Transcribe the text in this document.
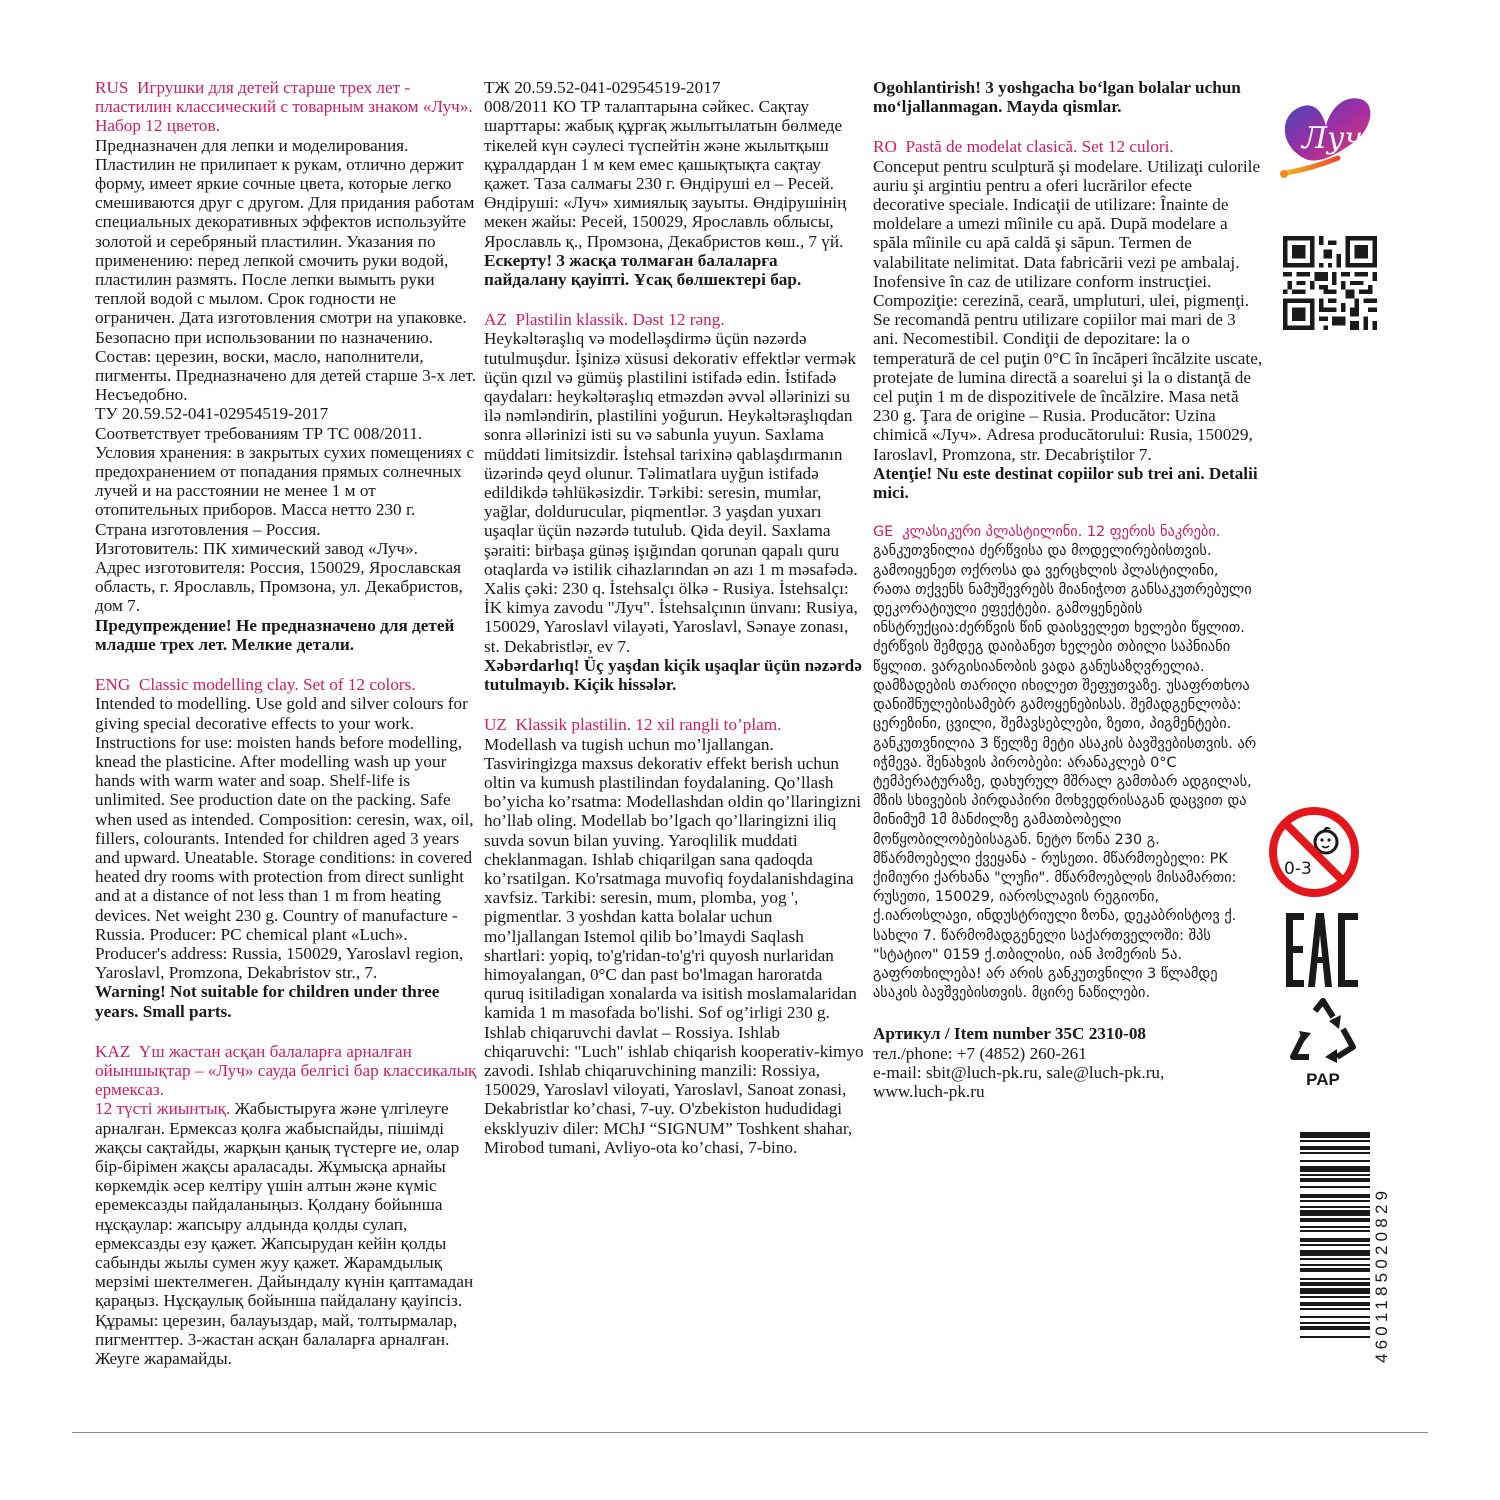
RUS Игрушки для детей старше трех лет - пластилин классический с товарным знаком «Луч». Набор 12 цветов.

Предназначен для лепки и моделирования. Пластилин не прилипает к рукам, отлично держит форму, имеет яркие сочные цвета, которые легко смешиваются друг с другом. Для придания работам специальных декоративных эффектов используйте золотой и серебряный пластилин. Указания по применению: перед лепкой смочить руки водой, пластилин размять. После лепки вымыть руки теплой водой с мылом. Срок годности не ограничен. Дата изготовления смотри на упаковке. Безопасно при использовании по назначению. Состав: церезин, воски, масло, наполнители, пигменты. Предназначено для детей старше 3-х лет. Несъедобно.

ТУ 20.59.52-041-02954519-2017

Соответствует требованиям ТР ТС 008/2011. Условия хранения: в закрытых сухих помещениях с предохранением от попадания прямых солнечных лучей и на расстоянии не менее 1 м от отопительных приборов. Масса нетто 230 г.

Страна изготовления – Россия.

Изготовитель: ПК химический завод «Луч».

Адрес изготовителя: Россия, 150029, Ярославская область, г. Ярославль, Промзона, ул. Декабристов, дом 7.

Предупреждение! Не предназначено для детей младше трех лет. Мелкие детали.

ENG Classic modelling clay. Set of 12 colors.

Intended to modelling. Use gold and silver colours for giving special decorative effects to your work. Instructions for use: moisten hands before modelling, knead the plasticine. After modelling wash up your hands with warm water and soap. Shelf-life is unlimited. See production date on the packing. Safe when used as intended. Composition: ceresin, wax, oil, fillers, colourants. Intended for children aged 3 years and upward. Uneatable. Storage conditions: in covered heated dry rooms with protection from direct sunlight and at a distance of not less than 1 m from heating devices. Net weight 230 g. Country of manufacture - Russia. Producer: PC chemical plant «Luch». Producer's address: Russia, 150029, Yaroslavl region, Yaroslavl, Promzona, Dekabristov str., 7.

Warning! Not suitable for children under three years. Small parts.

KAZ Үш жастан асқан балаларға арналған ойыншықтар – «Луч» сауда белгісі бар классикалық ермексаз.

12 түсті жиынтық. Жабыстыруға және үлгілеуге арналған. Ермексаз қолға жабыспайды, пішімді жақсы сақтайды, жарқын қанық түстерге ие, олар бір-бірімен жақсы араласады. Жұмысқа арнайы көркемдік әсер келтіру үшін алтын және күміс еремексазды пайдаланыңыз. Қолдану бойынша нұсқаулар: жапсыру алдында қолды сулап, ермексазды езу қажет. Жапсырудан кейін қолды сабынды жылы сумен жуу қажет. Жарамдылық мерзімі шектелмеген. Дайындалу күнін қаптамадан қараңыз. Нұсқаулық бойынша пайдалану қауіпсіз. Құрамы: церезин, балауыздар, май, толтырмалар, пигменттер. 3-жастан асқан балаларға арналған. Жеуге жарамайды.

ТЖ 20.59.52-041-02954519-2017

008/2011 КО ТР талаптарына сәйкес. Сақтау шарттары: жабық құрғақ жылытылатын бөлмеде тікелей күн сәулесі түспейтін және жылытқыш құралдардан 1 м кем емес қашықтықта сақтау қажет. Таза салмағы 230 г. Өндіруші ел – Ресей. Өндіруші: «Луч» химиялық зауыты. Өндірушінің мекен жайы: Ресей, 150029, Ярославль облысы, Ярославль қ., Промзона, Декабристов көш., 7 үй.

Ескерту! 3 жасқа толмаған балаларға пайдалану қауіпті. Ұсақ бөлшектері бар.

AZ Plastilin klassik. Dəst 12 rəng.

Heykəltəraşlıq və modelləşdirmə üçün nəzərdə tutulmuşdur. İşinizə xüsusi dekorativ effektlər vermək üçün qızıl və gümüş plastilini istifadə edin. İstifadə qaydaları: heykəltəraşlıq etməzdən əvvəl əllərinizi su ilə nəmləndirin, plastilini yoğurun. Heykəltəraşlıqdan sonra əllərinizi isti su və sabunla yuyun. Saxlama müddəti limitsizdir. İstehsal tarixinə qablaşdırmanın üzərində qeyd olunur. Təlimatlara uyğun istifadə edildikdə təhlükəsizdir. Tərkibi: seresin, mumlar, yağlar, doldurucular, piqmentlər. 3 yaşdan yuxarı uşaqlar üçün nəzərdə tutulub. Qida deyil. Saxlama şəraiti: birbaşa günəş işığından qorunan qapalı quru otaqlarda və istilik cihazlarından ən azı 1 m məsafədə. Xalis çəki: 230 q. İstehsalçı ölkə - Rusiya. İstehsalçı: İK kimya zavodu "Луч". İstehsalçının ünvanı: Rusiya, 150029, Yaroslavl vilayəti, Yaroslavl, Sənaye zonası, st. Dekabristlər, ev 7.

Xəbərdarlıq! Üç yaşdan kiçik uşaqlar üçün nəzərdə tutulmayıb. Kiçik hissələr.

UZ Klassik plastilin. 12 xil rangli to’plam.

Modellash va tugish uchun mo’ljallangan. Tasviringizga maxsus dekorativ effekt berish uchun oltin va kumush plastilindan foydalaning. Qo’llash bo’yicha ko’rsatma: Modellashdan oldin qo’llaringizni ho’llab oling. Modellab bo’lgach qo’llaringizni iliq suvda sovun bilan yuving. Yaroqlilik muddati cheklanmagan. Ishlab chiqarilgan sana qadoqda ko’rsatilgan. Ko'rsatmaga muvofiq foydalanishdagina xavfsiz. Tarkibi: seresin, mum, plomba, yog ', pigmentlar. 3 yoshdan katta bolalar uchun mo’ljallangan Istemol qilib bo’lmaydi Saqlash shartlari: yopiq, to'g'ridan-to'g'ri quyosh nurlaridan himoyalangan, 0°C dan past bo'lmagan haroratda quruq isitiladigan xonalarda va isitish moslamalaridan kamida 1 m masofada bo'lishi. Sof og’irligi 230 g. Ishlab chiqaruvchi davlat – Rossiya. Ishlab chiqaruvchi: "Luch" ishlab chiqarish kooperativ-kimyo zavodi. Ishlab chiqaruvchining manzili: Rossiya, 150029, Yaroslavl viloyati, Yaroslavl, Sanoat zonasi, Dekabristlar ko’chasi, 7-uy. O'zbekiston hududidagi eksklyuziv diler: MChJ “SIGNUM” Toshkent shahar, Mirobod tumani, Avliyo-ota ko’chasi, 7-bino.

Ogohlantirish! 3 yoshgacha bo‘lgan bolalar uchun mo‘ljallanmagan. Mayda qismlar.

RO Pastă de modelat clasică. Set 12 culori.

Conceput pentru sculptură şi modelare. Utilizaţi culorile auriu şi argintiu pentru a oferi lucrărilor efecte decorative speciale. Indicaţii de utilizare: Înainte de moldelare a umezi mîinile cu apă. După modelare a spăla mîinile cu apă caldă şi săpun. Termen de valabilitate nelimitat. Data fabricării vezi pe ambalaj. Inofensive în caz de utilizare conform instrucţiei. Compoziţie: cerezină, ceară, umpluturi, ulei, pigmenţi. Se recomandă pentru utilizare copiilor mai mari de 3 ani. Necomestibil. Condiţii de depozitare: la o temperatură de cel puţin 0°C în încăperi încălzite uscate, protejate de lumina directă a soarelui şi la o distanţă de cel puţin 1 m de dispozitivele de încălzire. Masa netă 230 g. Ţara de origine – Rusia. Producător: Uzina chimică «Луч». Adresa producătorului: Rusia, 150029, Iaroslavl, Promzona, str. Decabriştilor 7.

Atenţie! Nu este destinat copiilor sub trei ani. Detalii mici.

GE კლასიკური პლასტილინი. 12 ფერის ნაკრები. განკუთვნილია ძერწვისა და მოდელირებისთვის. გამოიყენეთ ოქროსა და ვერცხლის პლასტილინი, რათა თქვენს ნამუშევრებს მიანიჭოთ განსაკუთრებული დეკორატიული ეფექტები. გამოყენების ინსტრუქცია:ძერწვის წინ დაისველეთ ხელები წყლით. ძერწვის შემდეგ დაიბანეთ ხელები თბილი საპნიანი წყლით. ვარგისიანობის ვადა განუსაზღვრელია. დამზადების თარიღი იხილეთ შეფუთვაზე. უსაფრთხოა დანიშნულებისამებრ გამოყენებისას. შემადგენლობა: ცერეზინი, ცვილი, შემავსებლები, ზეთი, პიგმენტები. განკუთვნილია 3 წელზე მეტი ასაკის ბავშვებისთვის. არ იჭმევა. შენახვის პირობები: არანაკლებ 0°C ტემპერატურაზე, დახურულ მშრალ გამთბარ ადგილას, მზის სხივების პირდაპირი მოხვედრისაგან დაცვით და მინიმუმ 1მ მანძილზე გამათბობელი მოწყობილობებისაგან. ნეტო წონა 230 გ. მწარმოებელი ქვეყანა - რუსეთი. მწარმოებელი: PK ქიმიური ქარხანა "ლუჩი". მწარმოებლის მისამართი: რუსეთი, 150029, იაროსლავის რეგიონი, ქ.იაროსლავი, ინდუსტრიული ზონა, დეკაბრისტოვ ქ. სახლი 7. წარმომადგენელი საქართველოში: შპს "სტატიო" 0159 ქ.თბილისი, იან ჰომერის 5ა. გაფრთხილება! არ არის განკუთვნილი 3 წლამდე ასაკის ბავშვებისთვის. მცირე ნაწილები.

Артикул / Item number 35С 2310-08

тел./phone: +7 (4852) 260-261

e-mail: sbit@luch-pk.ru, sale@luch-pk.ru,

www.luch-pk.ru

Луч
0-3
PAP
4601185020829
